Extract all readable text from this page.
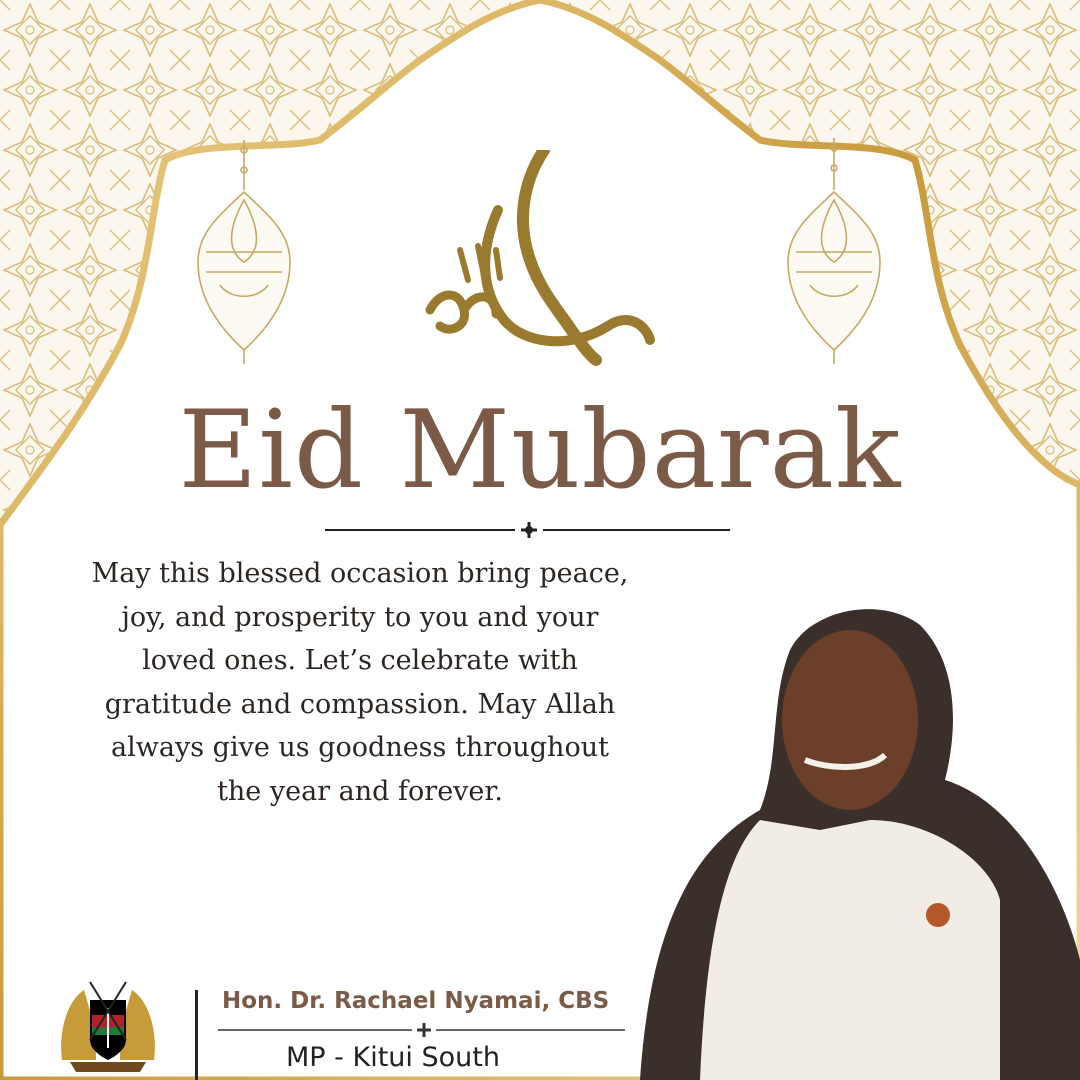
Eid Mubarak
May this blessed occasion bring peace,
joy, and prosperity to you and your
loved ones. Let’s celebrate with
gratitude and compassion. May Allah
always give us goodness throughout
the year and forever.
Hon. Dr. Rachael Nyamai, CBS
MP - Kitui South
